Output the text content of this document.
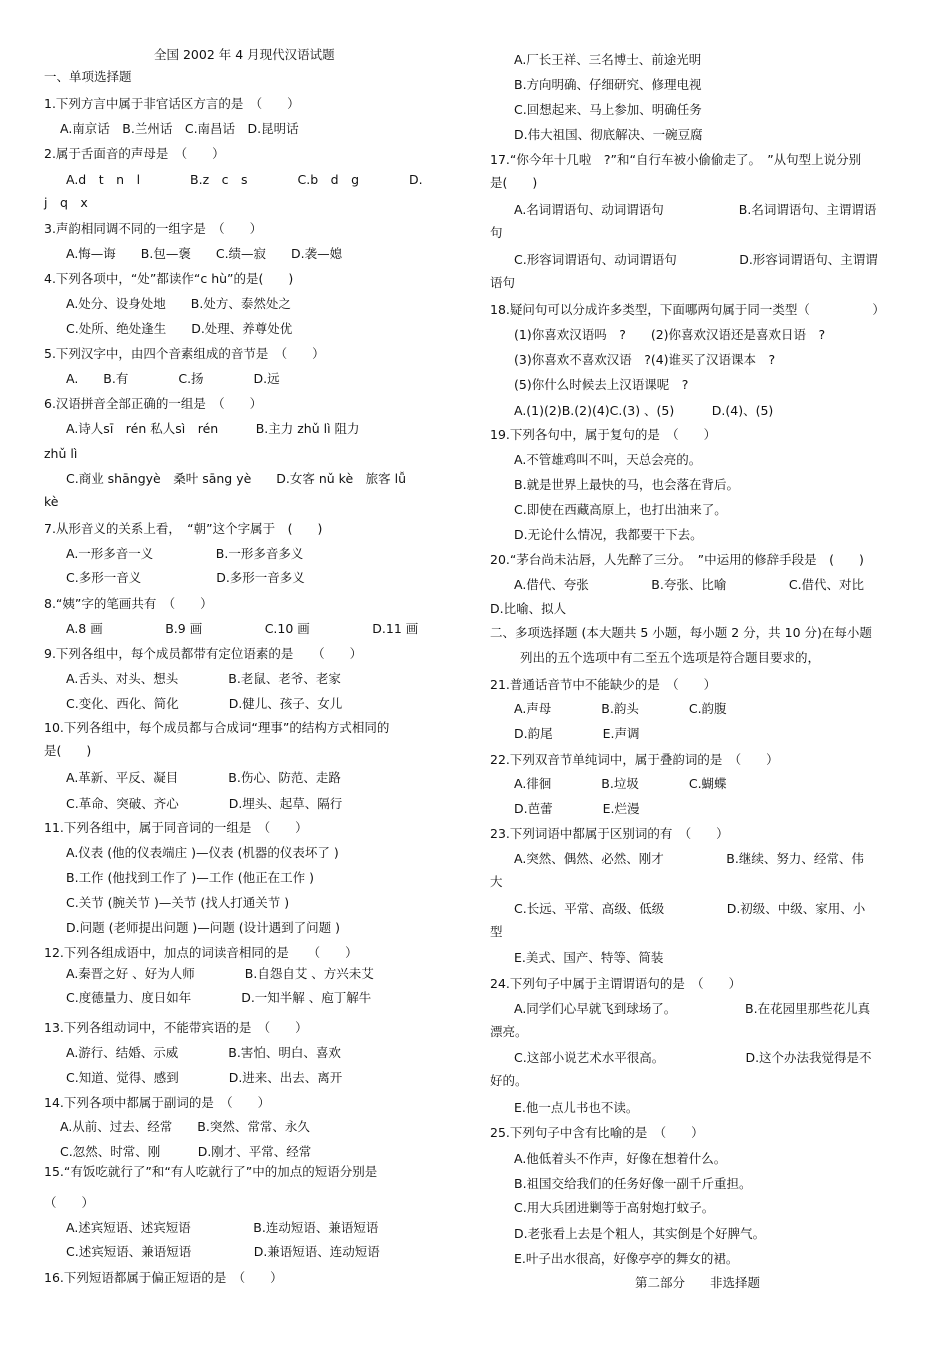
全国 2002 年 4 月现代汉语试题
一、单项选择题
1.下列方言中属于非官话区方言的是　（　　）
A.南京话　B.兰州话　C.南昌话　D.昆明话
2.属于舌面音的声母是　（　　）
A.d　t　n　l　　　　B.z　c　s　　　　C.b　d　g　　　　D.
j　q　x
3.声韵相同调不同的一组字是　（　　）
A.悔—诲　　B.包—褒　　C.绩—寂　　D.袭—媳
4.下列各项中，“处”都读作“c hù”的是(　　)
A.处分、设身处地　　B.处方、泰然处之
C.处所、绝处逢生　　D.处理、养尊处优
5.下列汉字中，由四个音素组成的音节是　（　　）
A.　　B.有　　　　C.扬　　　　D.远
6.汉语拼音全部正确的一组是　（　　）
A.诗人sī　rén 私人sì　rén　　　B.主力 zhǔ lì 阻力
zhǔ lì
C.商业 shāngyè　桑叶 sāng yè　　D.女客 nǔ kè　旅客 lǚ
kè
7.从形音义的关系上看，　“朝”这个字属于　(　　)
A.一形多音一义　　　　　B.一形多音多义
C.多形一音义　　　　　　D.多形一音多义
8.“姨”字的笔画共有　（　　）
A.8 画　　　　　B.9 画　　　　　C.10 画　　　　　D.11 画
9.下列各组中，每个成员都带有定位语素的是　　（　　）
A.舌头、对头、想头　　　　B.老鼠、老爷、老家
C.变化、西化、简化　　　　D.健儿、孩子、女儿
10.下列各组中，每个成员都与合成词“理事”的结构方式相同的
是(　　)
A.革新、平反、凝目　　　　B.伤心、防范、走路
C.革命、突破、齐心　　　　D.埋头、起草、隔行
11.下列各组中，属于同音词的一组是　（　　）
A.仪表 (他的仪表端庄 )—仪表 (机器的仪表坏了 )
B.工作 (他找到工作了 )—工作 (他正在工作 )
C.关节 (腕关节 )—关节 (找人打通关节 )
D.问题 (老师提出问题 )—问题 (设计遇到了问题 )
12.下列各组成语中，加点的词读音相同的是　　（　　）
A.秦晋之好 、好为人师　　　　B.自怨自艾 、方兴未艾
C.度德量力、度日如年　　　　D.一知半解 、庖丁解牛
13.下列各组动词中，不能带宾语的是　（　　）
A.游行、结婚、示威　　　　B.害怕、明白、喜欢
C.知道、觉得、感到　　　　D.进来、出去、离开
14.下列各项中都属于副词的是　（　　）
A.从前、过去、经常　　B.突然、常常、永久
C.忽然、时常、刚　　　D.刚才、平常、经常
15.“有饭吃就行了”和“有人吃就行了”中的加点的短语分别是
（　　）
A.述宾短语、述宾短语　　　　　B.连动短语、兼语短语
C.述宾短语、兼语短语　　　　　D.兼语短语、连动短语
16.下列短语都属于偏正短语的是　（　　）
A.厂长王祥、三名博士、前途光明
B.方向明确、仔细研究、修理电视
C.回想起来、马上参加、明确任务
D.伟大祖国、彻底解决、一碗豆腐
17.“你今年十几啦　?”和“自行车被小偷偷走了。　”从句型上说分别
是(　　)
A.名词谓语句、动词谓语句　　　　　　B.名词谓语句、主谓谓语
句
C.形容词谓语句、动词谓语句　　　　　D.形容词谓语句、主谓谓
语句
18.疑问句可以分成许多类型，下面哪两句属于同一类型（　　　　　）
(1)你喜欢汉语吗　?　　(2)你喜欢汉语还是喜欢日语　?
(3)你喜欢不喜欢汉语　?(4)谁买了汉语课本　?
(5)你什么时候去上汉语课呢　?
A.(1)(2)B.(2)(4)C.(3) 、(5)　　　D.(4)、(5)
19.下列各句中，属于复句的是　（　　）
A.不管雄鸡叫不叫，天总会亮的。
B.就是世界上最快的马，也会落在背后。
C.即使在西藏高原上，也打出油来了。
D.无论什么情况，我都要干下去。
20.“茅台尚未沾唇，人先醉了三分。　”中运用的修辞手段是　(　　)
A.借代、夸张　　　　　B.夸张、比喻　　　　　C.借代、对比
D.比喻、拟人
二、多项选择题 (本大题共 5 小题，每小题 2 分，共 10 分)在每小题
列出的五个选项中有二至五个选项是符合题目要求的，
21.普通话音节中不能缺少的是　（　　）
A.声母　　　　B.韵头　　　　C.韵腹
D.韵尾　　　　E.声调
22.下列双音节单纯词中，属于叠韵词的是　（　　）
A.徘徊　　　　B.垃圾　　　　C.蝴蝶
D.芭蕾　　　　E.烂漫
23.下列词语中都属于区别词的有　（　　）
A.突然、偶然、必然、刚才　　　　　B.继续、努力、经常、伟
大
C.长远、平常、高级、低级　　　　　D.初级、中级、家用、小
型
E.美式、国产、特等、简装
24.下列句子中属于主谓谓语句的是　（　　）
A.同学们心早就飞到球场了。　　　　　　B.在花园里那些花儿真
漂亮。
C.这部小说艺术水平很高。　　　　　　　D.这个办法我觉得是不
好的。
E.他一点儿书也不读。
25.下列句子中含有比喻的是　（　　）
A.他低着头不作声，好像在想着什么。
B.祖国交给我们的任务好像一副千斤重担。
C.用大兵团进剿等于高射炮打蚊子。
D.老张看上去是个粗人，其实倒是个好脾气。
E.叶子出水很高，好像亭亭的舞女的裙。
第二部分　　非选择题
